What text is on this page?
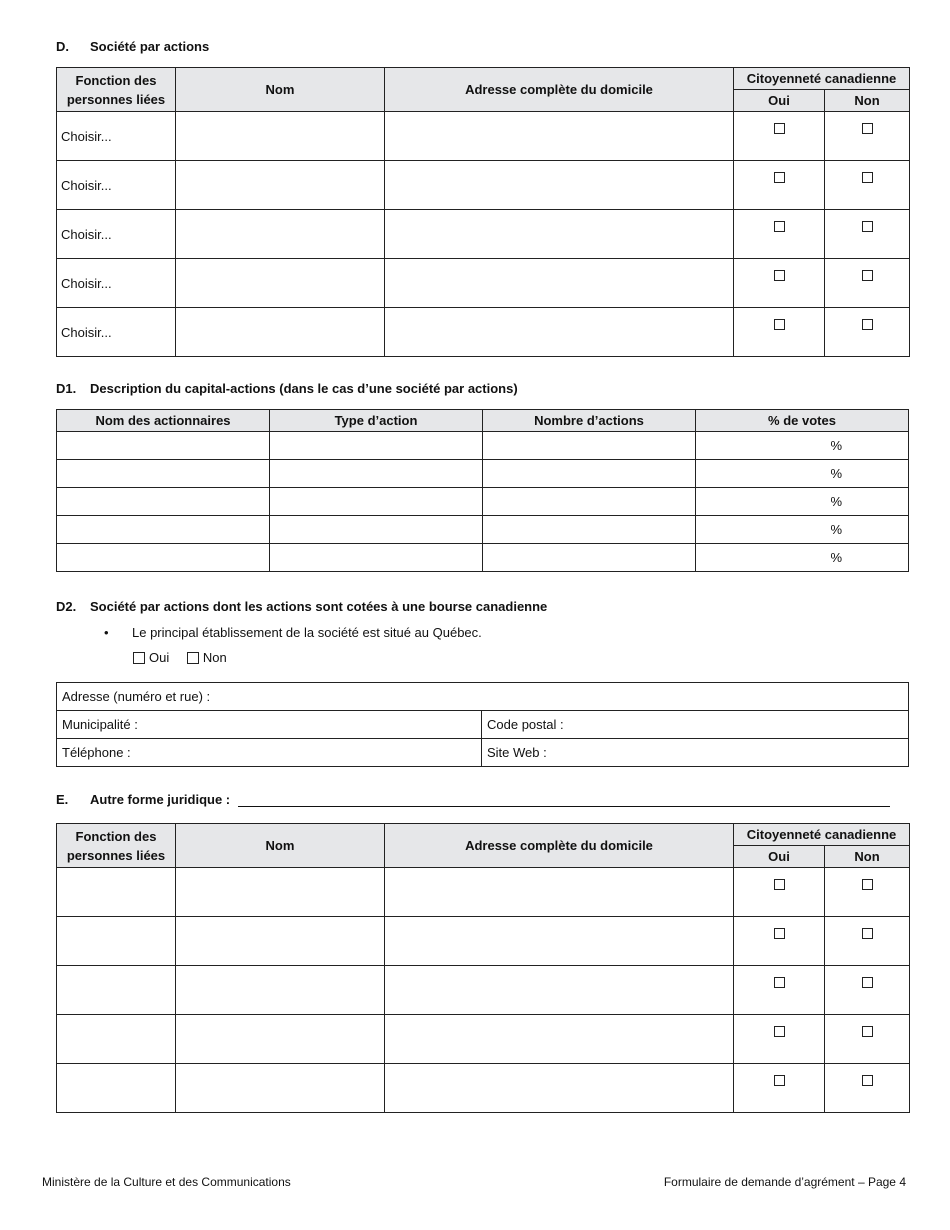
D. Société par actions
Fonction des personnes liées	Nom	Adresse complète du domicile	Citoyenneté canadienne	
			Oui	Non
Choisir...				
Choisir...				
Choisir...				
Choisir...				
Choisir...				
D1. Description du capital-actions (dans le cas d’une société par actions)
Nom des actionnaires	Type d’action	Nombre d’actions	% de votes
			%
			%
			%
			%
			%
D2. Société par actions dont les actions sont cotées à une bourse canadienne
• Le principal établissement de la société est situé au Québec.
Oui
	Non
Adresse (numéro et rue) :	
Municipalité :	Code postal :
Téléphone :	Site Web :
E. Autre forme juridique :
Fonction des personnes liées	Nom	Adresse complète du domicile	Citoyenneté canadienne	
			Oui	Non

Ministère de la Culture et des Communications	Formulaire de demande d’agrément – Page 4
